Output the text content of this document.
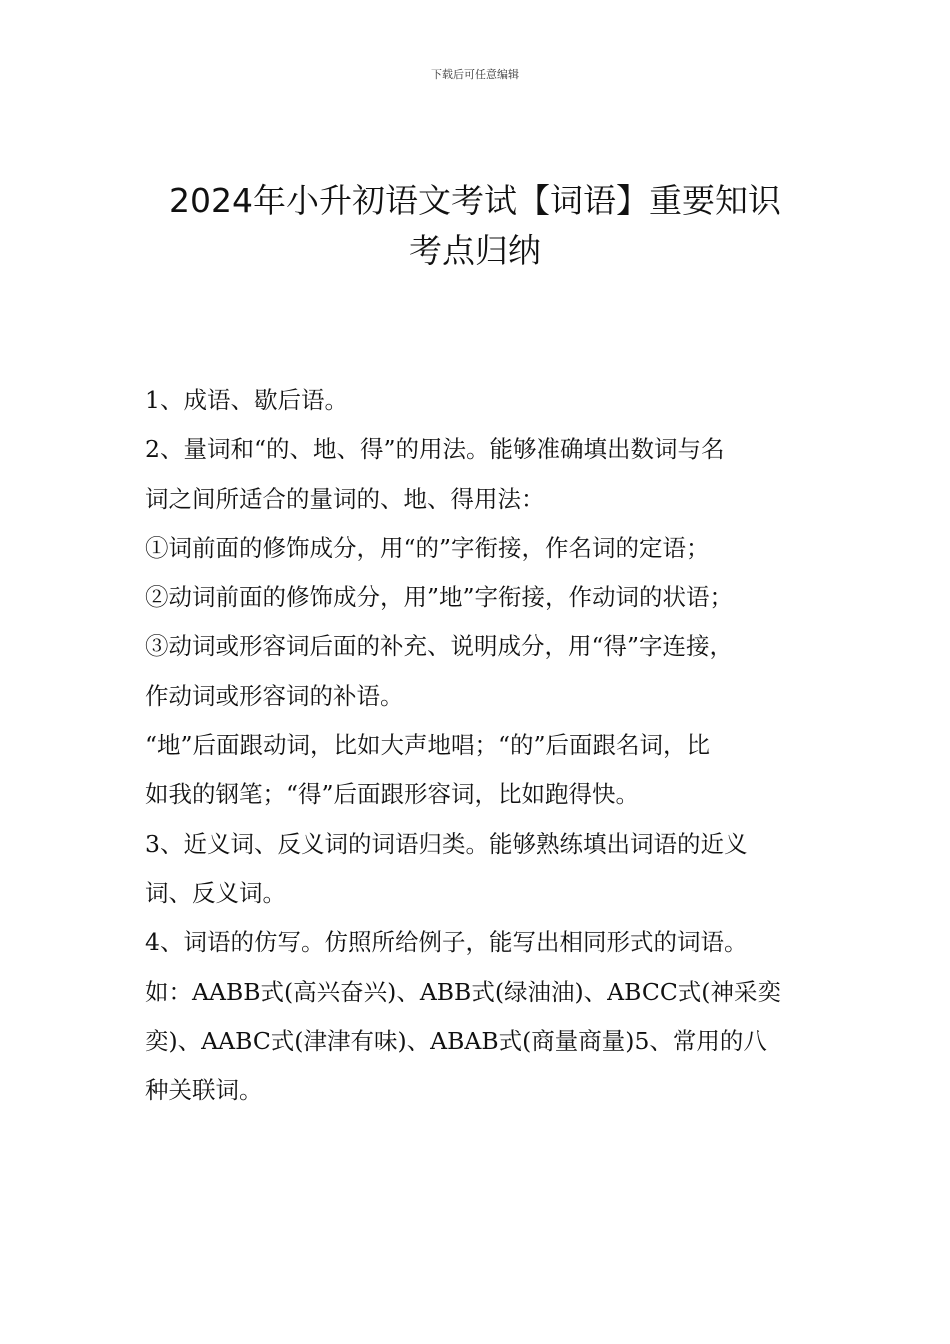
下载后可任意编辑
2024年小升初语文考试【词语】重要知识
考点归纳

1、成语、歇后语。

2、量词和“的、地、得”的用法。能够准确填出数词与名

词之间所适合的量词的、地、得用法：

①词前面的修饰成分，用“的”字衔接，作名词的定语；

②动词前面的修饰成分，用”地”字衔接，作动词的状语；

③动词或形容词后面的补充、说明成分，用“得”字连接，

作动词或形容词的补语。

“地”后面跟动词，比如大声地唱；“的”后面跟名词，比

如我的钢笔；“得”后面跟形容词，比如跑得快。

3、近义词、反义词的词语归类。能够熟练填出词语的近义

词、反义词。

4、词语的仿写。仿照所给例子，能写出相同形式的词语。

如：AABB式(高兴奋兴)、ABB式(绿油油)、ABCC式(神采奕

奕)、AABC式(津津有味)、ABAB式(商量商量)5、常用的八

种关联词。
